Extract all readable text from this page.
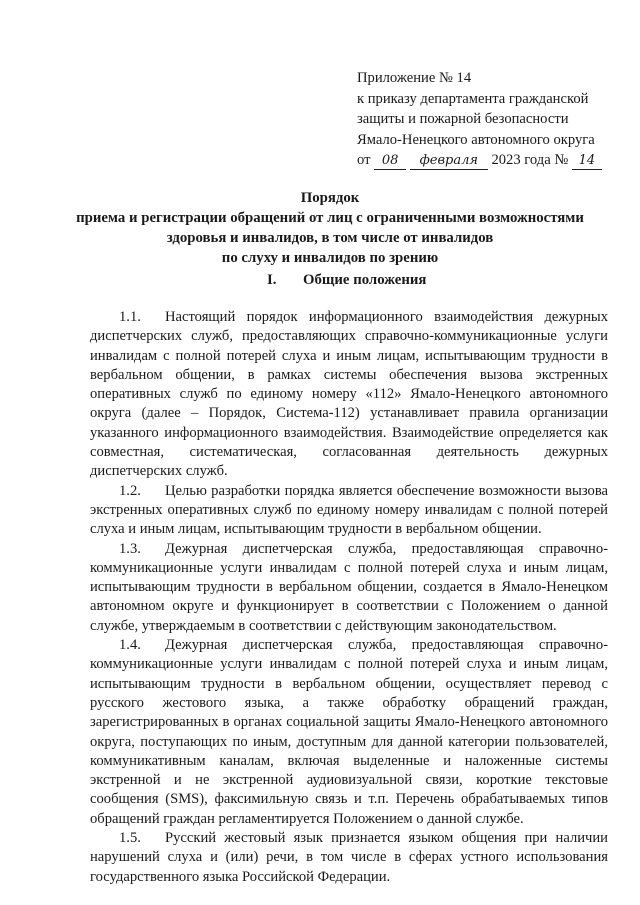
Приложение № 14
к приказу департамента гражданской
защиты и пожарной безопасности
Ямало-Ненецкого автономного округа
от 08 февраля 2023 года № 14
Порядок
приема и регистрации обращений от лиц с ограниченными возможностями
здоровья и инвалидов, в том числе от инвалидов
по слуху и инвалидов по зрению
I. Общие положения

1.1. Настоящий порядок информационного взаимодействия дежурных диспетчерских служб, предоставляющих справочно-коммуникационные услуги инвалидам с полной потерей слуха и иным лицам, испытывающим трудности в вербальном общении, в рамках системы обеспечения вызова экстренных оперативных служб по единому номеру «112» Ямало-Ненецкого автономного округа (далее – Порядок, Система-112) устанавливает правила организации указанного информационного взаимодействия. Взаимодействие определяется как совместная, систематическая, согласованная деятельность дежурных диспетчерских служб.

1.2. Целью разработки порядка является обеспечение возможности вызова экстренных оперативных служб по единому номеру инвалидам с полной потерей слуха и иным лицам, испытывающим трудности в вербальном общении.

1.3. Дежурная диспетчерская служба, предоставляющая справочно-коммуникационные услуги инвалидам с полной потерей слуха и иным лицам, испытывающим трудности в вербальном общении, создается в Ямало-Ненецком автономном округе и функционирует в соответствии с Положением о данной службе, утверждаемым в соответствии с действующим законодательством.

1.4. Дежурная диспетчерская служба, предоставляющая справочно-коммуникационные услуги инвалидам с полной потерей слуха и иным лицам, испытывающим трудности в вербальном общении, осуществляет перевод с русского жестового языка, а также обработку обращений граждан, зарегистрированных в органах социальной защиты Ямало-Ненецкого автономного округа, поступающих по иным, доступным для данной категории пользователей, коммуникативным каналам, включая выделенные и наложенные системы экстренной и не экстренной аудиовизуальной связи, короткие текстовые сообщения (SMS), факсимильную связь и т.п. Перечень обрабатываемых типов обращений граждан регламентируется Положением о данной службе.

1.5. Русский жестовый язык признается языком общения при наличии нарушений слуха и (или) речи, в том числе в сферах устного использования государственного языка Российской Федерации.
